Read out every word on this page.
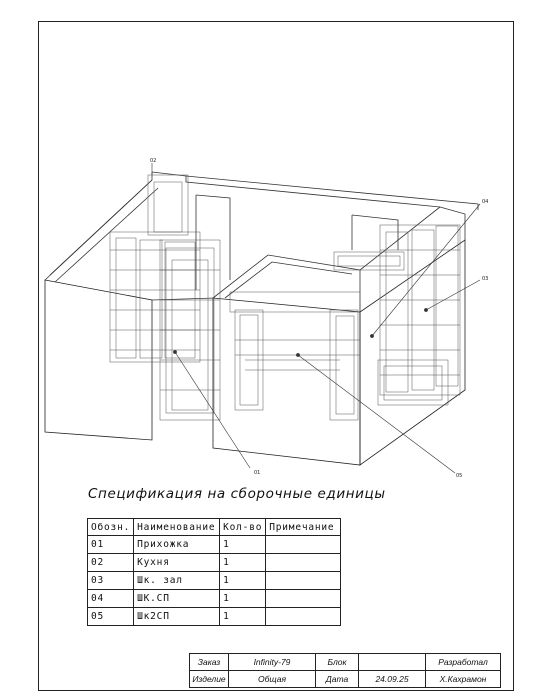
02
04
03
01	05
Спецификация на сборочные единицы
Обозн.	Наименование	Кол-во	Примечание
01	Прихожка	1	
02	Кухня	1	
03	Шк. зал	1	
04	ШК.СП	1	
05	Шк2СП	1	
Заказ	Infinity-79	Блок		Разработал
Изделие	Общая	Дата	24.09.25	Х.Кахрамон
